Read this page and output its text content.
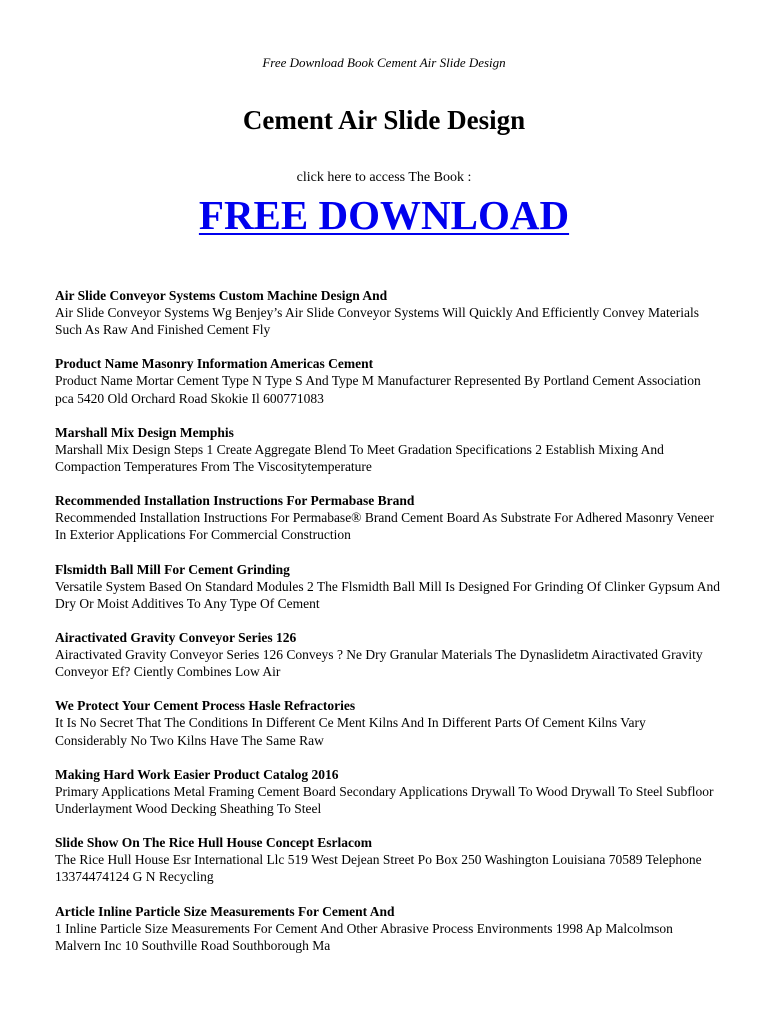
Free Download Book Cement Air Slide Design
Cement Air Slide Design
click here to access The Book :
FREE DOWNLOAD
Air Slide Conveyor Systems Custom Machine Design And
Air Slide Conveyor Systems Wg Benjey’s Air Slide Conveyor Systems Will Quickly And Efficiently Convey Materials Such As Raw And Finished Cement Fly
Product Name Masonry Information Americas Cement
Product Name Mortar Cement Type N Type S And Type M Manufacturer Represented By Portland Cement Association pca 5420 Old Orchard Road Skokie Il 600771083
Marshall Mix Design Memphis
Marshall Mix Design Steps 1 Create Aggregate Blend To Meet Gradation Specifications 2 Establish Mixing And Compaction Temperatures From The Viscositytemperature
Recommended Installation Instructions For Permabase Brand
Recommended Installation Instructions For Permabase® Brand Cement Board As Substrate For Adhered Masonry Veneer In Exterior Applications For Commercial Construction
Flsmidth Ball Mill For Cement Grinding
Versatile System Based On Standard Modules 2 The Flsmidth Ball Mill Is Designed For Grinding Of Clinker Gypsum And Dry Or Moist Additives To Any Type Of Cement
Airactivated Gravity Conveyor Series 126
Airactivated Gravity Conveyor Series 126 Conveys ? Ne Dry Granular Materials The Dynaslidetm Airactivated Gravity Conveyor Ef? Ciently Combines Low Air
We Protect Your Cement Process Hasle Refractories
It Is No Secret That The Conditions In Different Ce Ment Kilns And In Different Parts Of Cement Kilns Vary Considerably No Two Kilns Have The Same Raw
Making Hard Work Easier Product Catalog 2016
Primary Applications Metal Framing Cement Board Secondary Applications Drywall To Wood Drywall To Steel Subfloor Underlayment Wood Decking Sheathing To Steel
Slide Show On The Rice Hull House Concept Esrlacom
The Rice Hull House Esr International Llc 519 West Dejean Street Po Box 250 Washington Louisiana 70589 Telephone 13374474124 G N Recycling
Article Inline Particle Size Measurements For Cement And
1 Inline Particle Size Measurements For Cement And Other Abrasive Process Environments 1998 Ap Malcolmson Malvern Inc 10 Southville Road Southborough Ma
